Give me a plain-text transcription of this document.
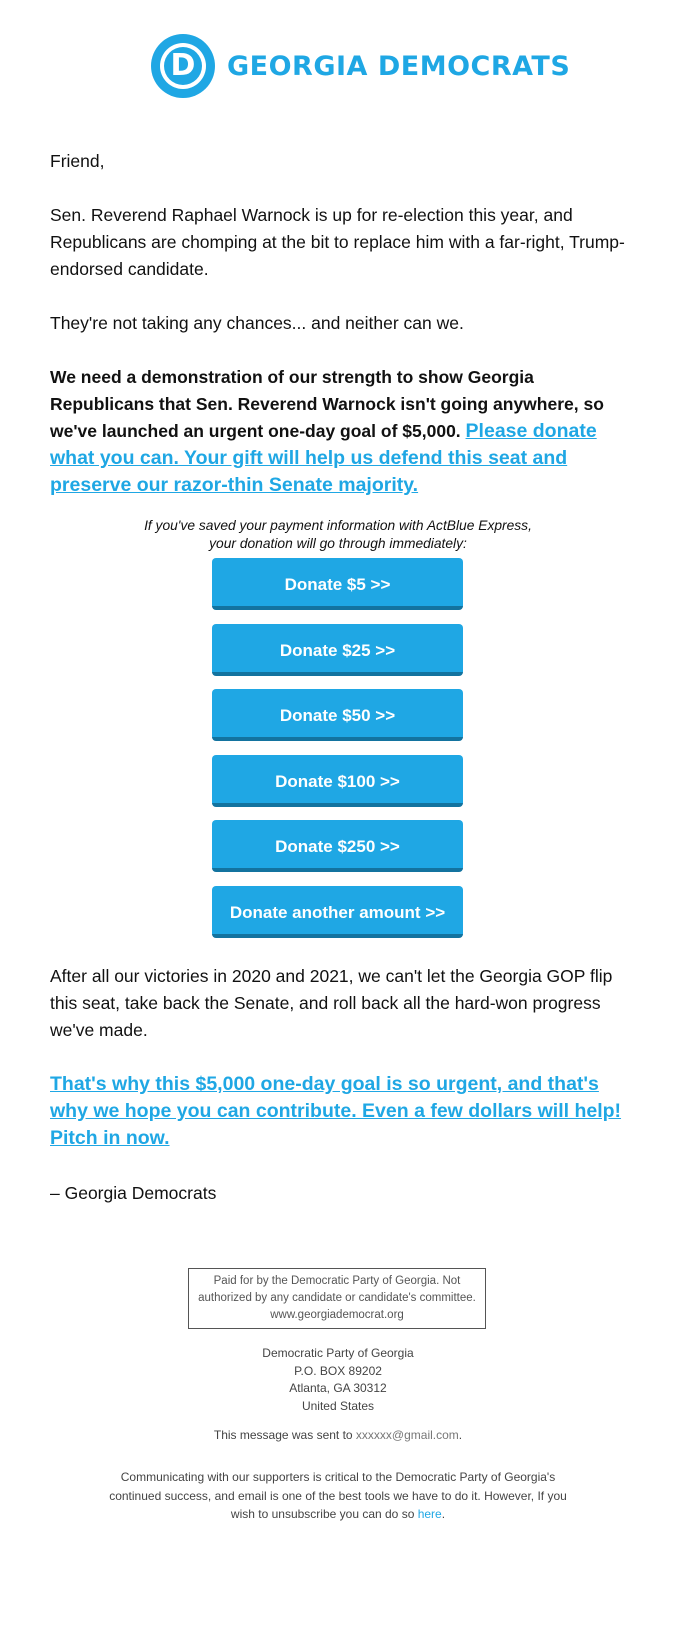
D GEORGIA DEMOCRATS

Friend,

Sen. Reverend Raphael Warnock is up for re-election this year, and Republicans are chomping at the bit to replace him with a far-right, Trump-endorsed candidate.

They're not taking any chances... and neither can we.

We need a demonstration of our strength to show Georgia Republicans that Sen. Reverend Warnock isn't going anywhere, so we've launched an urgent one-day goal of $5,000. Please donate what you can. Your gift will help us defend this seat and preserve our razor-thin Senate majority.

If you've saved your payment information with ActBlue Express,
your donation will go through immediately:
Donate $5 >>
Donate $25 >>
Donate $50 >>
Donate $100 >>
Donate $250 >>
Donate another amount >>

After all our victories in 2020 and 2021, we can't let the Georgia GOP flip this seat, take back the Senate, and roll back all the hard-won progress we've made.

That's why this $5,000 one-day goal is so urgent, and that's why we hope you can contribute. Even a few dollars will help! Pitch in now.

– Georgia Democrats

Paid for by the Democratic Party of Georgia. Not
authorized by any candidate or candidate's committee.
www.georgiademocrat.org
Democratic Party of Georgia
P.O. BOX 89202
Atlanta, GA 30312
United States
This message was sent to xxxxxx@gmail.com.
Communicating with our supporters is critical to the Democratic Party of Georgia's continued success, and email is one of the best tools we have to do it. However, If you wish to unsubscribe you can do so here.
